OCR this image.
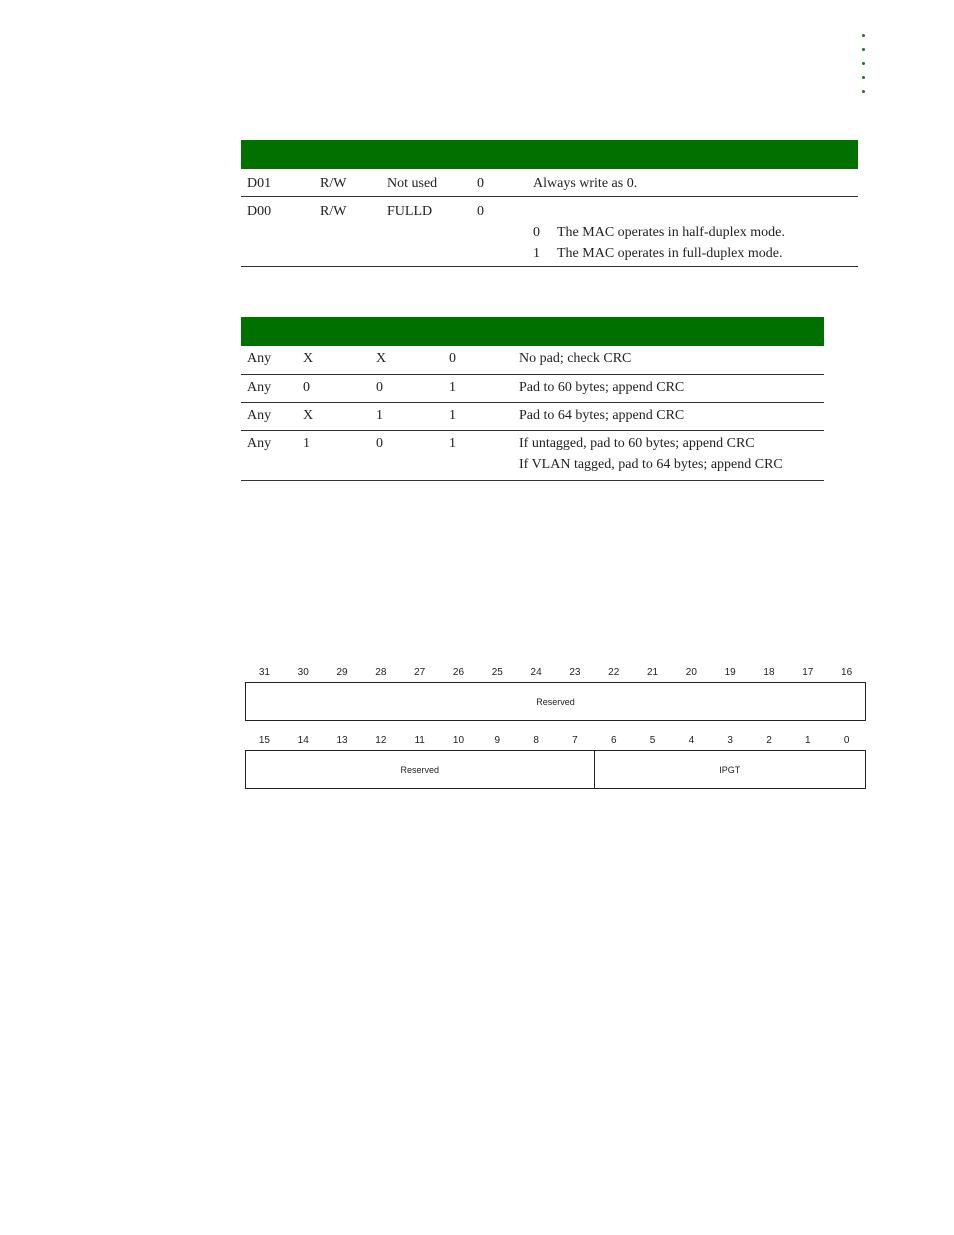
D01	R/W	Not used	0	Always write as 0.
D00	R/W	FULLD	0	0 The MAC operates in half-duplex mode.
1 The MAC operates in full-duplex mode.

Any	X	X	0	No pad; check CRC
Any	0	0	1	Pad to 60 bytes; append CRC
Any	X	1	1	Pad to 64 bytes; append CRC
Any	1	0	1	If untagged, pad to 60 bytes; append CRC
If VLAN tagged, pad to 64 bytes; append CRC
31	30	29	28	27	26	25	24	23	22	21	20	19	18	17	16
Reserved
15	14	13	12	11	10	9	8	7	6	5	4	3	2	1	0
Reserved	IPGT
